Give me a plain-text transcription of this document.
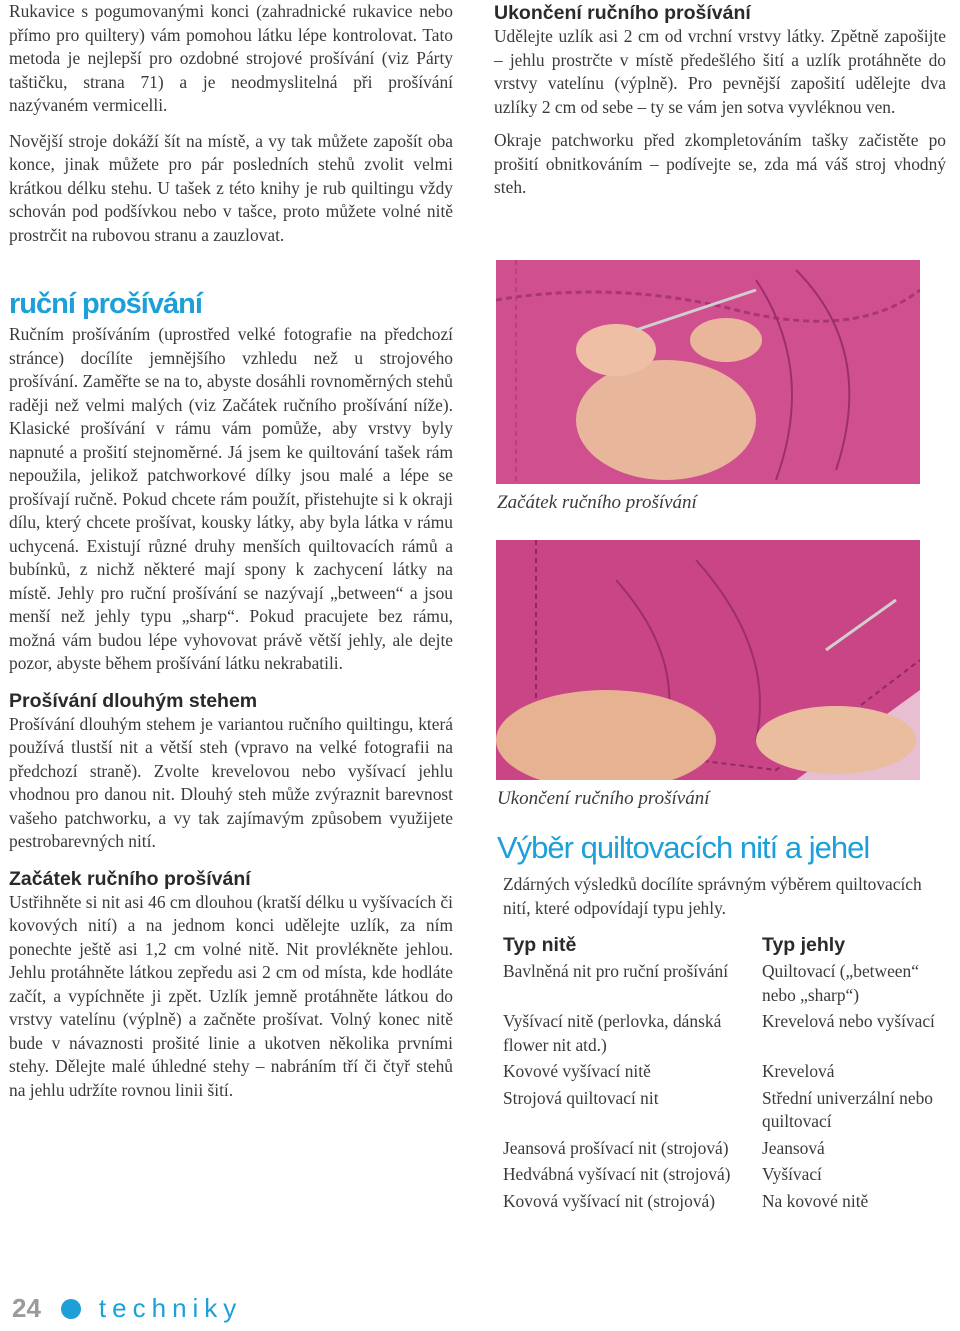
Rukavice s pogumovanými konci (zahradnické rukavice nebo přímo pro quiltery) vám pomohou látku lépe kontrolovat. Tato metoda je nejlepší pro ozdobné strojové prošívání (viz Párty taštičku, strana 71) a je neodmyslitelná při prošívání nazývaném vermicelli.

Novější stroje dokáží šít na místě, a vy tak můžete zapošít oba konce, jinak můžete pro pár posledních stehů zvolit velmi krátkou délku stehu. U tašek z této knihy je rub quiltingu vždy schován pod podšívkou nebo v tašce, proto můžete volné nitě prostrčit na rubovou stranu a zauzlovat.

ruční prošívání

Ručním prošíváním (uprostřed velké fotografie na předchozí stránce) docílíte jemnějšího vzhledu než u strojového prošívání. Zaměřte se na to, abyste dosáhli rovnoměrných stehů raději než velmi malých (viz Začátek ručního prošívání níže). Klasické prošívání v rámu vám pomůže, aby vrstvy byly napnuté a prošití stejnoměrné. Já jsem ke quiltování tašek rám nepoužila, jelikož patchworkové dílky jsou malé a lépe se prošívají ručně. Pokud chcete rám použít, přistehujte si k okraji dílu, který chcete prošívat, kousky látky, aby byla látka v rámu uchycená. Existují různé druhy menších quiltovacích rámů a bubínků, z nichž některé mají spony k zachycení látky na místě. Jehly pro ruční prošívání se nazývají „between“ a jsou menší než jehly typu „sharp“. Pokud pracujete bez rámu, možná vám budou lépe vyhovovat právě větší jehly, ale dejte pozor, abyste během prošívání látku nekrabatili.

Prošívání dlouhým stehem

Prošívání dlouhým stehem je variantou ručního quiltingu, která používá tlustší nit a větší steh (vpravo na velké fotografii na předchozí straně). Zvolte krevelovou nebo vyšívací jehlu vhodnou pro danou nit. Dlouhý steh může zvýraznit barevnost vašeho patchworku, a vy tak zajímavým způsobem využijete pestrobarevných nití.

Začátek ručního prošívání

Ustřihněte si nit asi 46 cm dlouhou (kratší délku u vyšívacích či kovových nití) a na jednom konci udělejte uzlík, za ním ponechte ještě asi 1,2 cm volné nitě. Nit provlékněte jehlou. Jehlu protáhněte látkou zepředu asi 2 cm od místa, kde hodláte začít, a vypíchněte ji zpět. Uzlík jemně protáhněte látkou do vrstvy vatelínu (výplně) a začněte prošívat. Volný konec nitě bude v návaznosti prošité linie a ukotven několika prvními stehy. Dělejte malé úhledné stehy – nabráním tří či čtyř stehů na jehlu udržíte rovnou linii šití.

Ukončení ručního prošívání

Udělejte uzlík asi 2 cm od vrchní vrstvy látky. Zpětně zapošijte – jehlu prostrčte v místě předešlého šití a uzlík protáhněte do vrstvy vatelínu (výplně). Pro pevnější zapošití udělejte dva uzlíky 2 cm od sebe – ty se vám jen sotva vyvléknou ven.

Okraje patchworku před zkompletováním tašky začistěte po prošití obnitkováním – podívejte se, zda má váš stroj vhodný steh.

Začátek ručního prošívání
Ukončení ručního prošívání
Výběr quiltovacích nití a jehel
Zdárných výsledků docílíte správným výběrem quiltovacích nití, které odpovídají typu jehly.
Typ nitě	Typ jehly
Bavlněná nit pro ruční prošívání	Quiltovací („between“ nebo „sharp“)
Vyšívací nitě (perlovka, dánská flower nit atd.)	Krevelová nebo vyšívací
Kovové vyšívací nitě	Krevelová
Strojová quiltovací nit	Střední univerzální nebo quiltovací
Jeansová prošívací nit (strojová)	Jeansová
Hedvábná vyšívací nit (strojová)	Vyšívací
Kovová vyšívací nit (strojová)	Na kovové nitě
24 techniky
